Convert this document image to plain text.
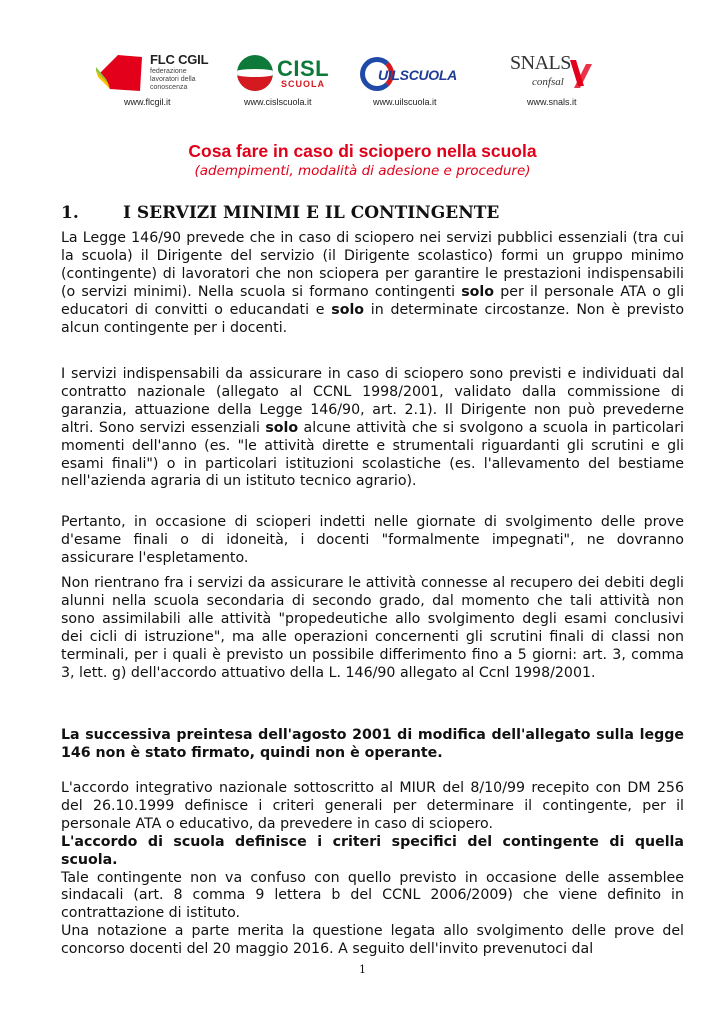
FLC CGIL
federazione lavoratori della conoscenza
www.flcgil.it
CISL
SCUOLA
www.cislscuola.it
UILSCUOLA
www.uilscuola.it
SNALS
confsal
www.snals.it
Cosa fare in caso di sciopero nella scuola
(adempimenti, modalità di adesione e procedure)
1.	I SERVIZI MINIMI E IL CONTINGENTE
La Legge 146/90 prevede che in caso di sciopero nei servizi pubblici essenziali (tra cui la scuola) il Dirigente del servizio (il Dirigente scolastico) formi un gruppo minimo (contingente) di lavoratori che non sciopera per garantire le prestazioni indispensabili (o servizi minimi). Nella scuola si formano contingenti solo per il personale ATA o gli educatori di convitti o educandati e solo in determinate circostanze. Non è previsto alcun contingente per i docenti.
I servizi indispensabili da assicurare in caso di sciopero sono previsti e individuati dal contratto nazionale (allegato al CCNL 1998/2001, validato dalla commissione di garanzia, attuazione della Legge 146/90, art. 2.1). Il Dirigente non può prevederne altri. Sono servizi essenziali solo alcune attività che si svolgono a scuola in particolari momenti dell'anno (es. "le attività dirette e strumentali riguardanti gli scrutini e gli esami finali") o in particolari istituzioni scolastiche (es. l'allevamento del bestiame nell'azienda agraria di un istituto tecnico agrario).
Pertanto, in occasione di scioperi indetti nelle giornate di svolgimento delle prove d'esame finali o di idoneità, i docenti "formalmente impegnati", ne dovranno assicurare l'espletamento.
Non rientrano fra i servizi da assicurare le attività connesse al recupero dei debiti degli alunni nella scuola secondaria di secondo grado, dal momento che tali attività non sono assimilabili alle attività "propedeutiche allo svolgimento degli esami conclusivi dei cicli di istruzione", ma alle operazioni concernenti gli scrutini finali di classi non terminali, per i quali è previsto un possibile differimento fino a 5 giorni: art. 3, comma 3, lett. g) dell'accordo attuativo della L. 146/90 allegato al Ccnl 1998/2001.
La successiva preintesa dell'agosto 2001 di modifica dell'allegato sulla legge 146 non è stato firmato, quindi non è operante.
L'accordo integrativo nazionale sottoscritto al MIUR del 8/10/99 recepito con DM 256 del 26.10.1999 definisce i criteri generali per determinare il contingente, per il personale ATA o educativo, da prevedere in caso di sciopero.
L'accordo di scuola definisce i criteri specifici del contingente di quella scuola.
Tale contingente non va confuso con quello previsto in occasione delle assemblee sindacali (art. 8 comma 9 lettera b del CCNL 2006/2009) che viene definito in contrattazione di istituto.
Una notazione a parte merita la questione legata allo svolgimento delle prove del concorso docenti del 20 maggio 2016. A seguito dell'invito prevenutoci dal
1
